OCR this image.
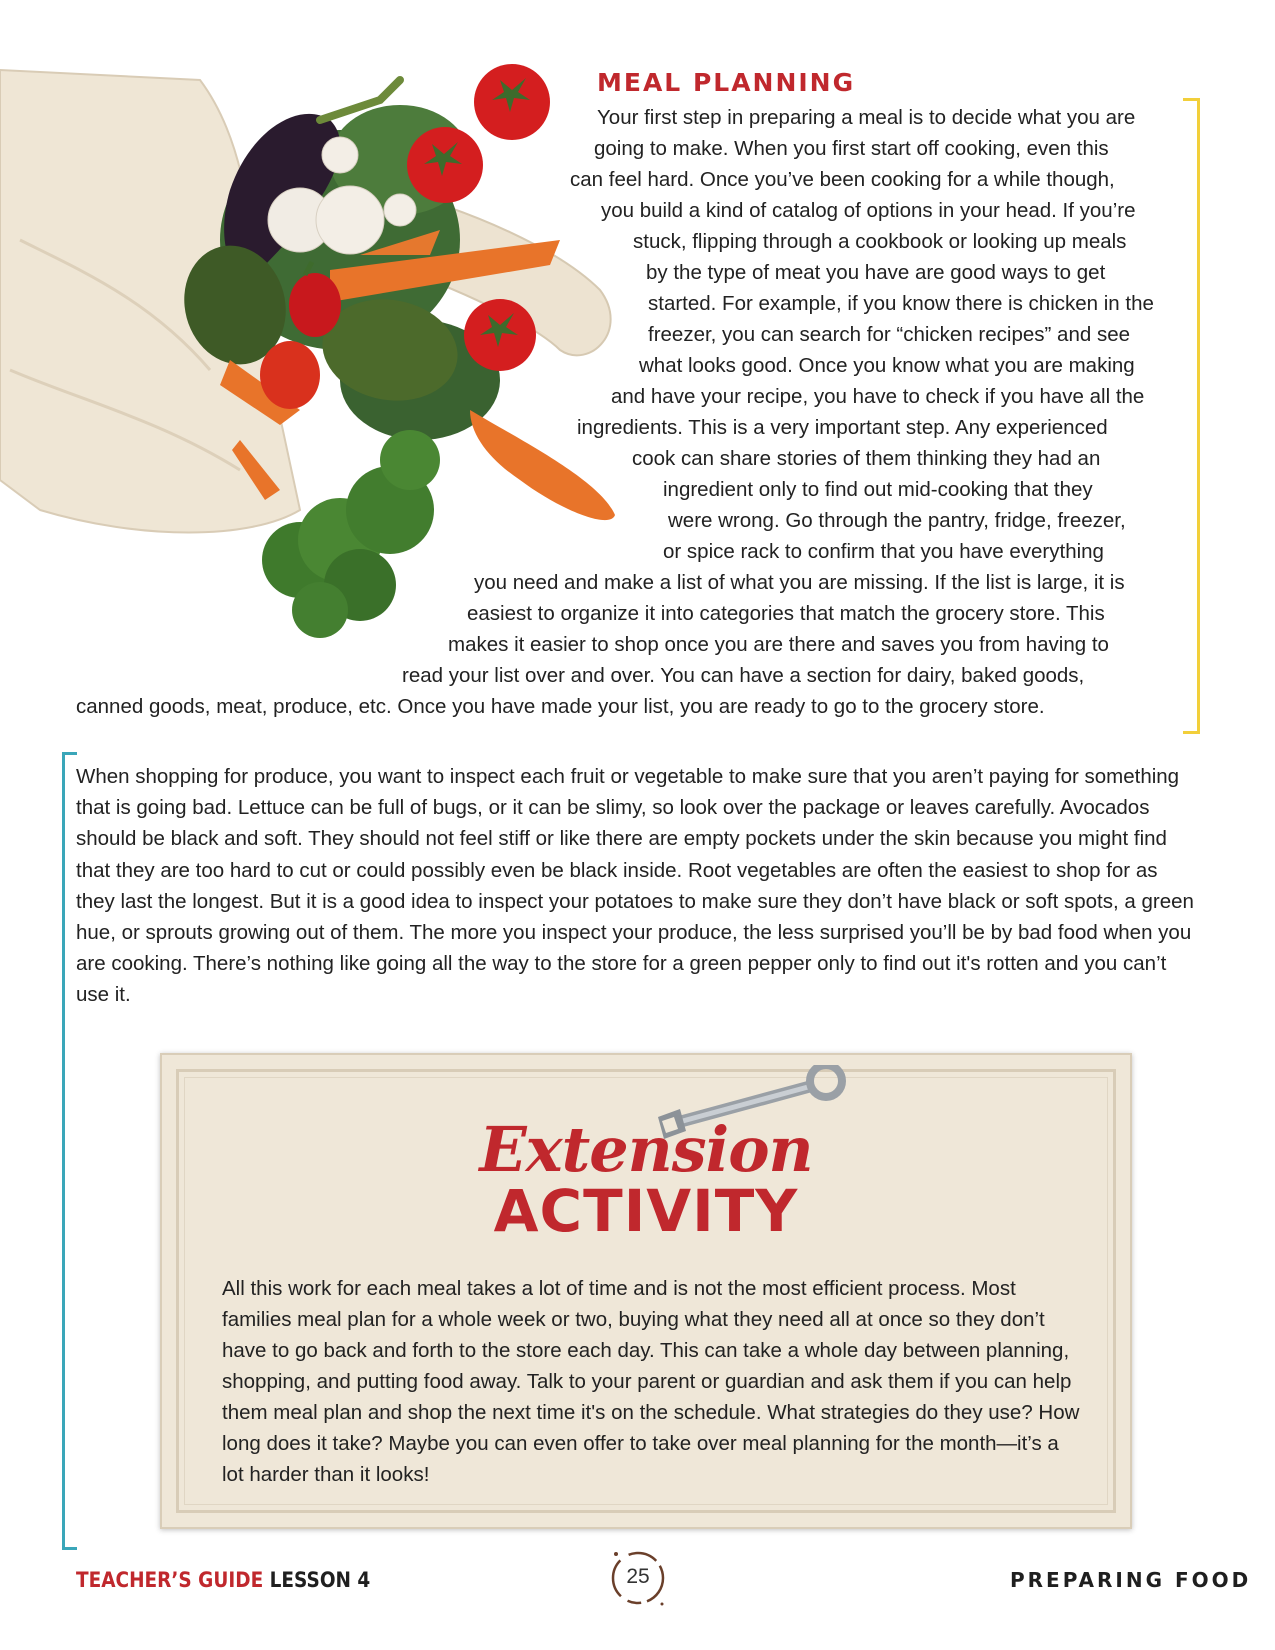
MEAL PLANNING
Your first step in preparing a meal is to decide what you are
going to make. When you first start off cooking, even this
can feel hard. Once you’ve been cooking for a while though,
you build a kind of catalog of options in your head. If you’re
stuck, flipping through a cookbook or looking up meals
by the type of meat you have are good ways to get
started. For example, if you know there is chicken in the
freezer, you can search for “chicken recipes” and see
what looks good. Once you know what you are making
and have your recipe, you have to check if you have all the
ingredients. This is a very important step. Any experienced
cook can share stories of them thinking they had an
ingredient only to find out mid-cooking that they
were wrong. Go through the pantry, fridge, freezer,
or spice rack to confirm that you have everything
you need and make a list of what you are missing. If the list is large, it is
easiest to organize it into categories that match the grocery store. This
makes it easier to shop once you are there and saves you from having to
read your list over and over. You can have a section for dairy, baked goods,
canned goods, meat, produce, etc. Once you have made your list, you are ready to go to the grocery store.

When shopping for produce, you want to inspect each fruit or vegetable to make sure that you aren’t paying for something that is going bad. Lettuce can be full of bugs, or it can be slimy, so look over the package or leaves carefully. Avocados should be black and soft. They should not feel stiff or like there are empty pockets under the skin because you might find that they are too hard to cut or could possibly even be black inside. Root vegetables are often the easiest to shop for as they last the longest. But it is a good idea to inspect your potatoes to make sure they don’t have black or soft spots, a green hue, or sprouts growing out of them. The more you inspect your produce, the less surprised you’ll be by bad food when you are cooking. There’s nothing like going all the way to the store for a green pepper only to find out it's rotten and you can’t use it.

Extension
ACTIVITY

All this work for each meal takes a lot of time and is not the most efficient process. Most families meal plan for a whole week or two, buying what they need all at once so they don’t have to go back and forth to the store each day. This can take a whole day between planning, shopping, and putting food away. Talk to your parent or guardian and ask them if you can help them meal plan and shop the next time it's on the schedule. What strategies do they use? How long does it take? Maybe you can even offer to take over meal planning for the month—it’s a lot harder than it looks!

TEACHER’S GUIDE LESSON 4	25	PREPARING FOOD
